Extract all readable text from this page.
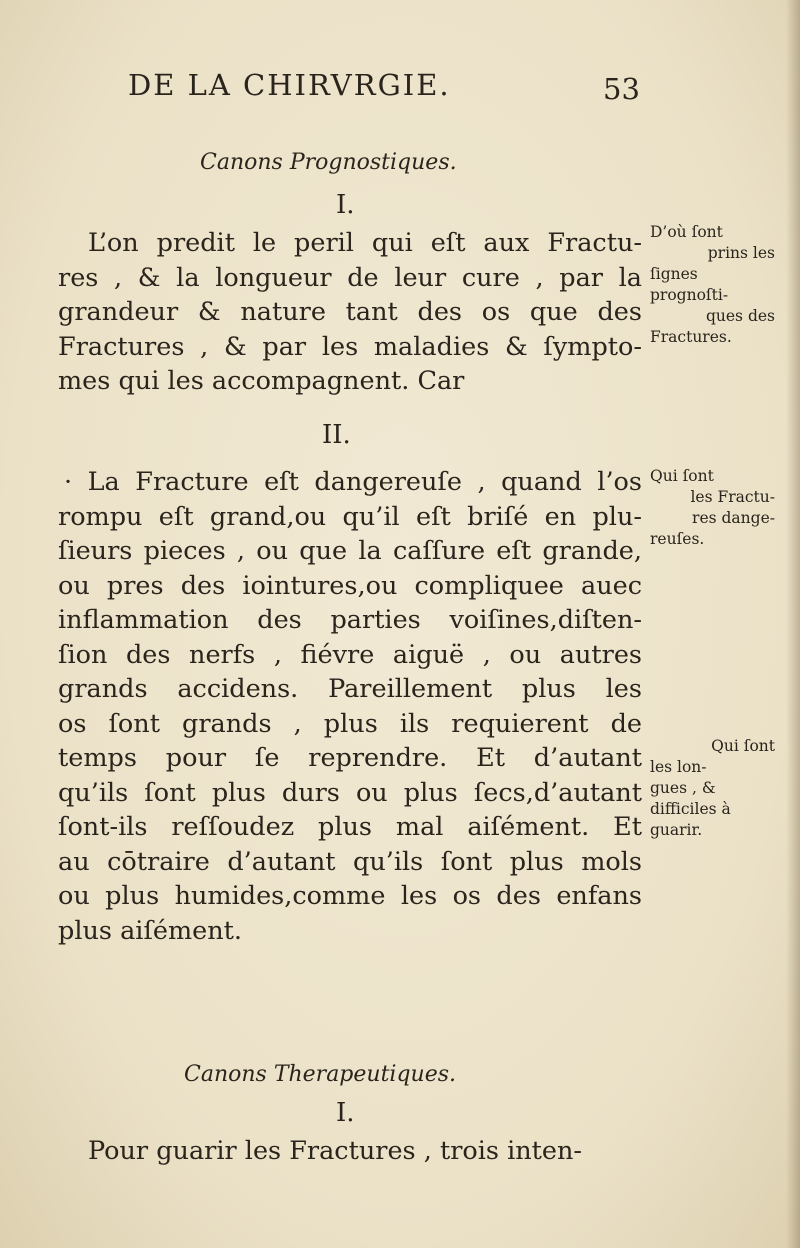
DE LA CHIRVRGIE.	53
Canons Prognostiques.
I.
L’on predit le peril qui eſt aux Fractu-
res , & la longueur de leur cure , par la
grandeur & nature tant des os que des
Fractures , & par les maladies & ſympto-
mes qui les accompagnent. Car
II.
· La Fracture eſt dangereuſe , quand l’os
rompu eſt grand,ou qu’il eſt briſé en plu-
ſieurs pieces , ou que la caſſure eſt grande,
ou pres des iointures,ou compliquee auec
inflammation des parties voiſines,diſten-
ſion des nerfs , fiévre aiguë , ou autres
grands accidens. Pareillement plus les
os ſont grands , plus ils requierent de
temps pour ſe reprendre. Et d’autant
qu’ils ſont plus durs ou plus ſecs,d’autant
ſont-ils reſſoudez plus mal aiſément. Et
au cōtraire d’autant qu’ils ſont plus mols
ou plus humides,comme les os des enfans
plus aiſément.
Canons Therapeutiques.
I.
Pour guarir les Fractures , trois inten-
D’où ſont
prins les
ſignes
prognoſti-
ques des
Fractures.
Qui ſont
les Fractu-
res dange-
reuſes.
Qui ſont
les lon-
gues , &
difficiles à
guarir.
